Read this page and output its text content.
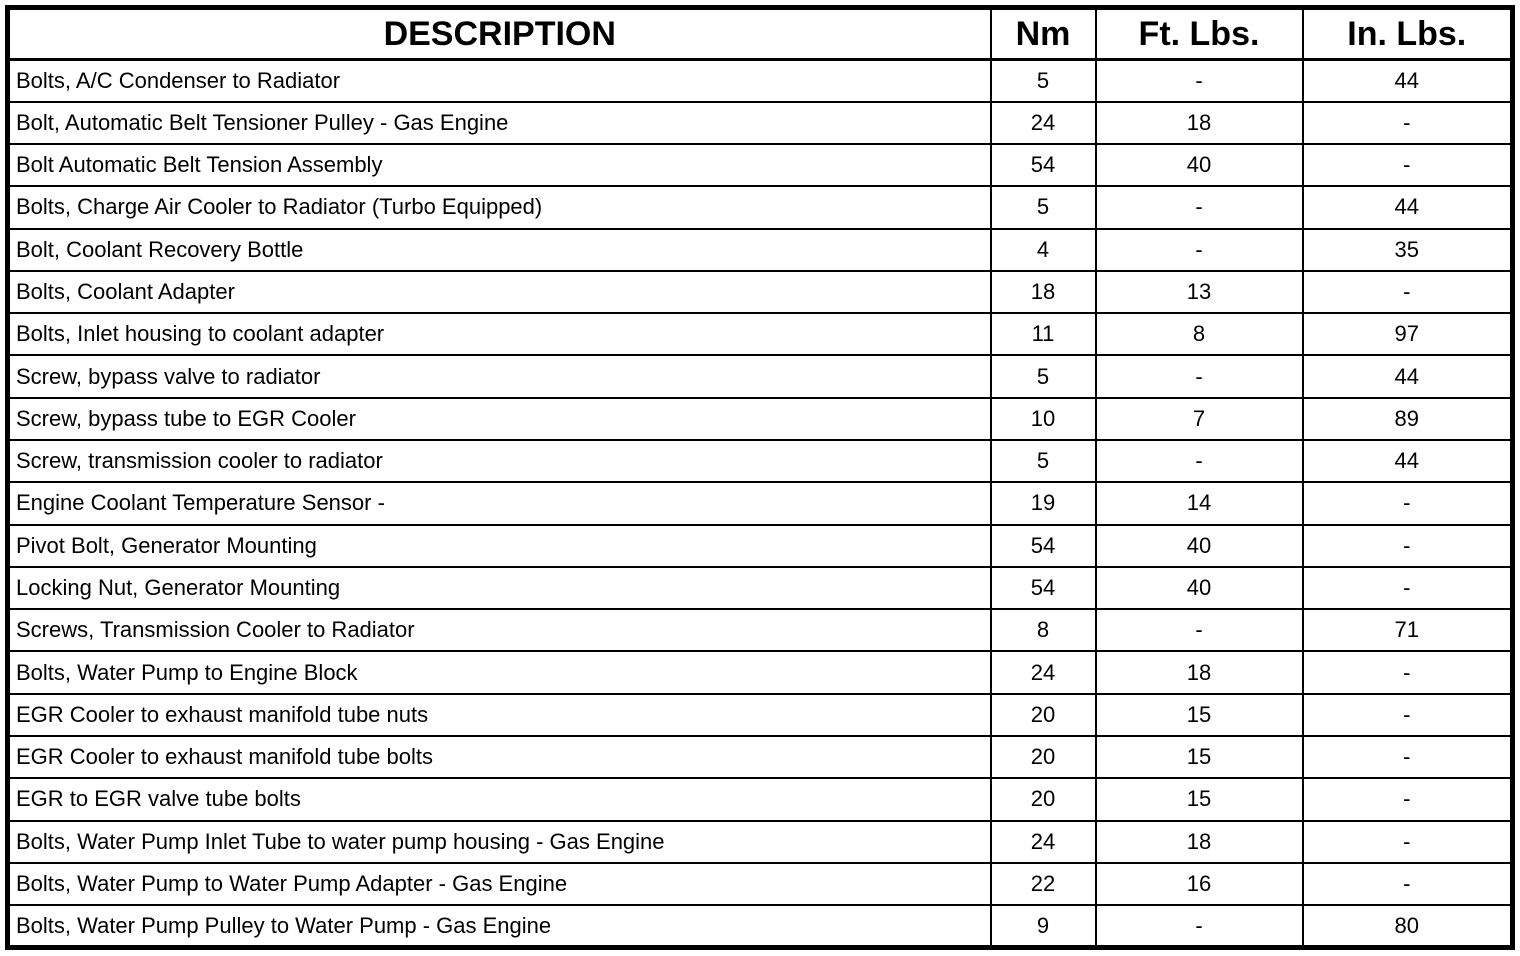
DESCRIPTION	Nm	Ft. Lbs.	In. Lbs.
Bolts, A/C Condenser to Radiator	5	-	44
Bolt, Automatic Belt Tensioner Pulley - Gas Engine	24	18	-
Bolt Automatic Belt Tension Assembly	54	40	-
Bolts, Charge Air Cooler to Radiator (Turbo Equipped)	5	-	44
Bolt, Coolant Recovery Bottle	4	-	35
Bolts, Coolant Adapter	18	13	-
Bolts, Inlet housing to coolant adapter	11	8	97
Screw, bypass valve to radiator	5	-	44
Screw, bypass tube to EGR Cooler	10	7	89
Screw, transmission cooler to radiator	5	-	44
Engine Coolant Temperature Sensor -	19	14	-
Pivot Bolt, Generator Mounting	54	40	-
Locking Nut, Generator Mounting	54	40	-
Screws, Transmission Cooler to Radiator	8	-	71
Bolts, Water Pump to Engine Block	24	18	-
EGR Cooler to exhaust manifold tube nuts	20	15	-
EGR Cooler to exhaust manifold tube bolts	20	15	-
EGR to EGR valve tube bolts	20	15	-
Bolts, Water Pump Inlet Tube to water pump housing - Gas Engine	24	18	-
Bolts, Water Pump to Water Pump Adapter - Gas Engine	22	16	-
Bolts, Water Pump Pulley to Water Pump - Gas Engine	9	-	80
